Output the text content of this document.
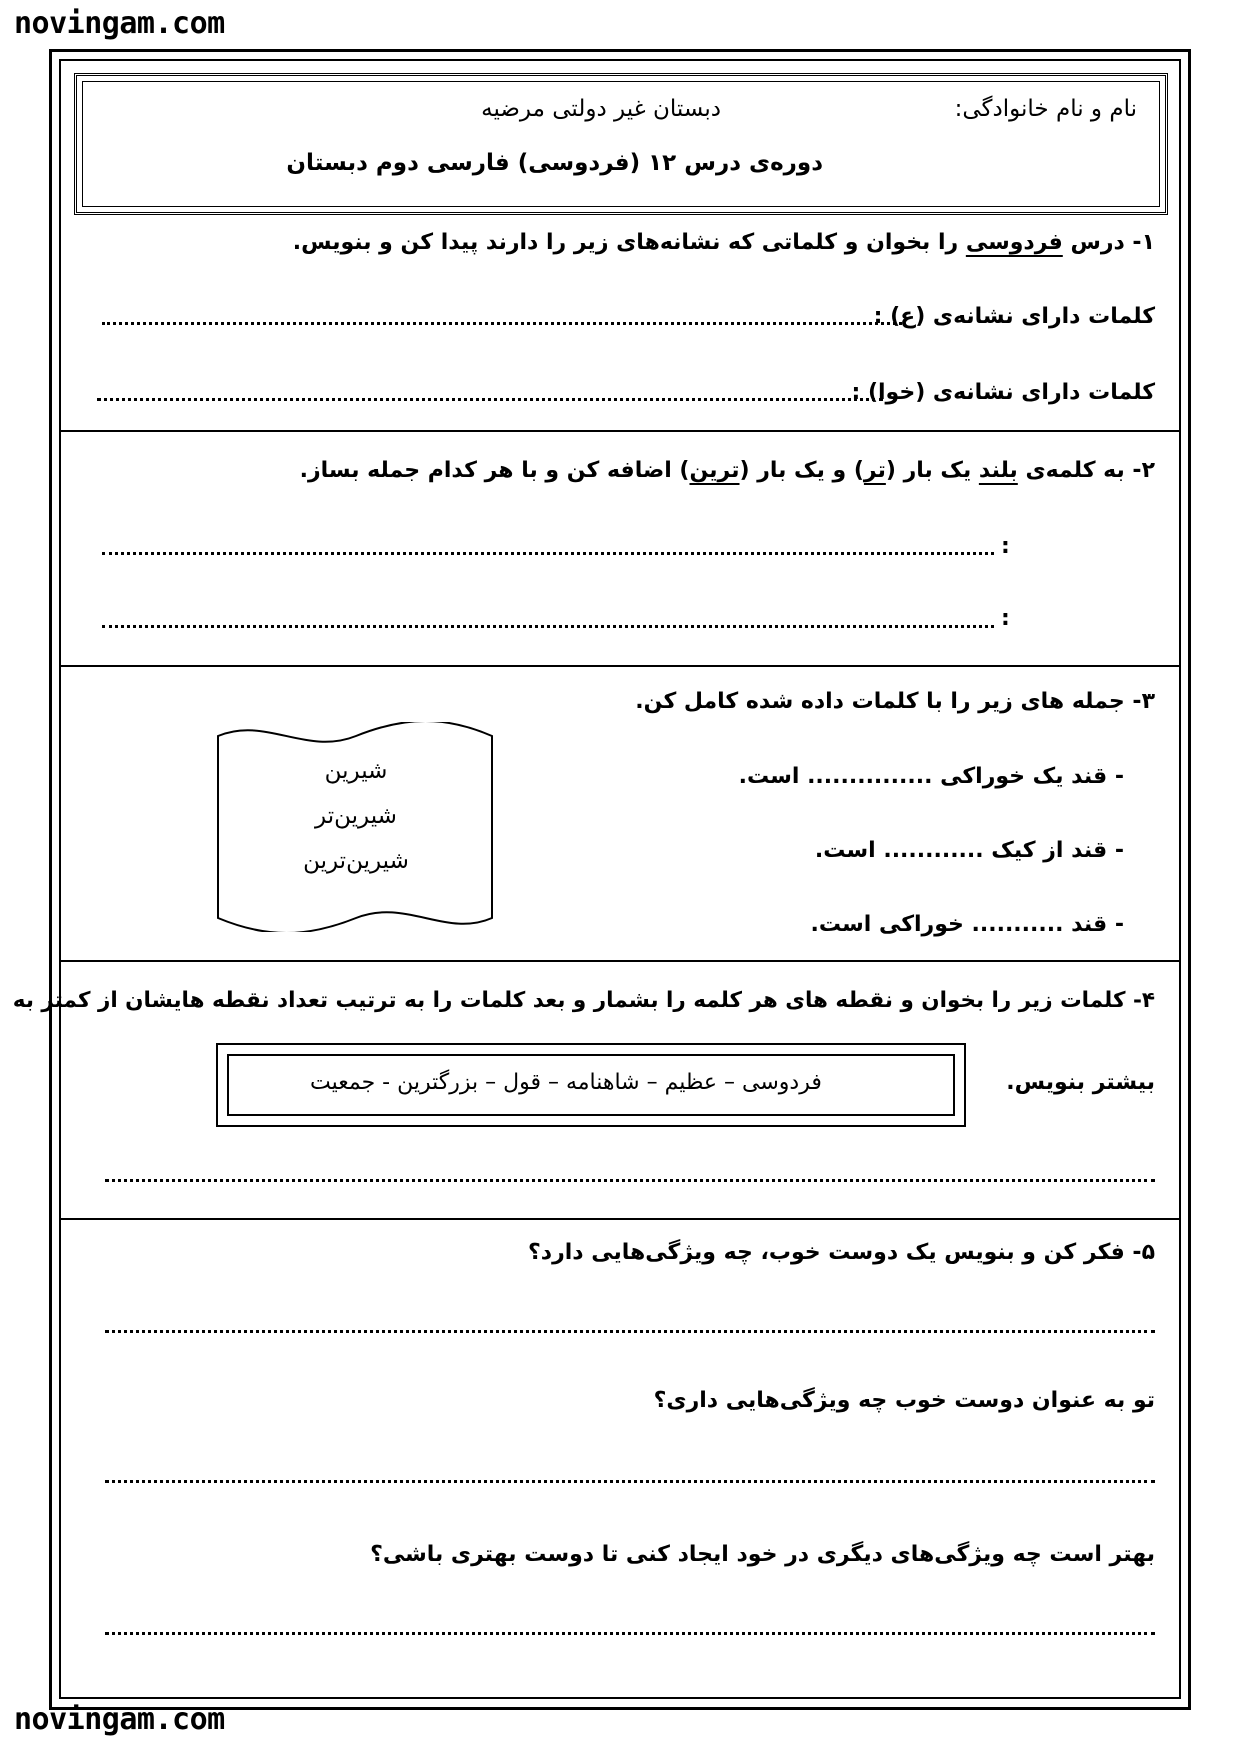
novingam.com
نام و نام خانوادگی:
دبستان غیر دولتی مرضیه
دوره‌ی درس ۱۲ (فردوسی) فارسی دوم دبستان
۱- درس فردوسی را بخوان و کلماتی که نشانه‌های زیر را دارند پیدا کن و بنویس.
کلمات دارای نشانه‌ی (ع) :
کلمات دارای نشانه‌ی (خوا) :
۲- به کلمه‌ی بلند یک بار (تر) و یک بار (ترین) اضافه کن و با هر کدام جمله بساز.
:
:
۳- جمله های زیر را با کلمات داده شده کامل کن.
- قند یک خوراکی ............... است.
- قند از کیک ............ است.
- قند ........... خوراکی است.
شیرین
شیرین‌تر
شیرین‌ترین
۴- کلمات زیر را بخوان و نقطه های هر کلمه را بشمار و بعد کلمات را به ترتیب تعداد نقطه هایشان از کمتر به
بیشتر بنویس.
فردوسی – عظیم – شاهنامه – قول – بزرگترین - جمعیت
۵- فکر کن و بنویس یک دوست خوب، چه ویژگی‌هایی دارد؟
تو به عنوان دوست خوب چه ویژگی‌هایی داری؟
بهتر است چه ویژگی‌های دیگری در خود ایجاد کنی تا دوست بهتری باشی؟
novingam.com
